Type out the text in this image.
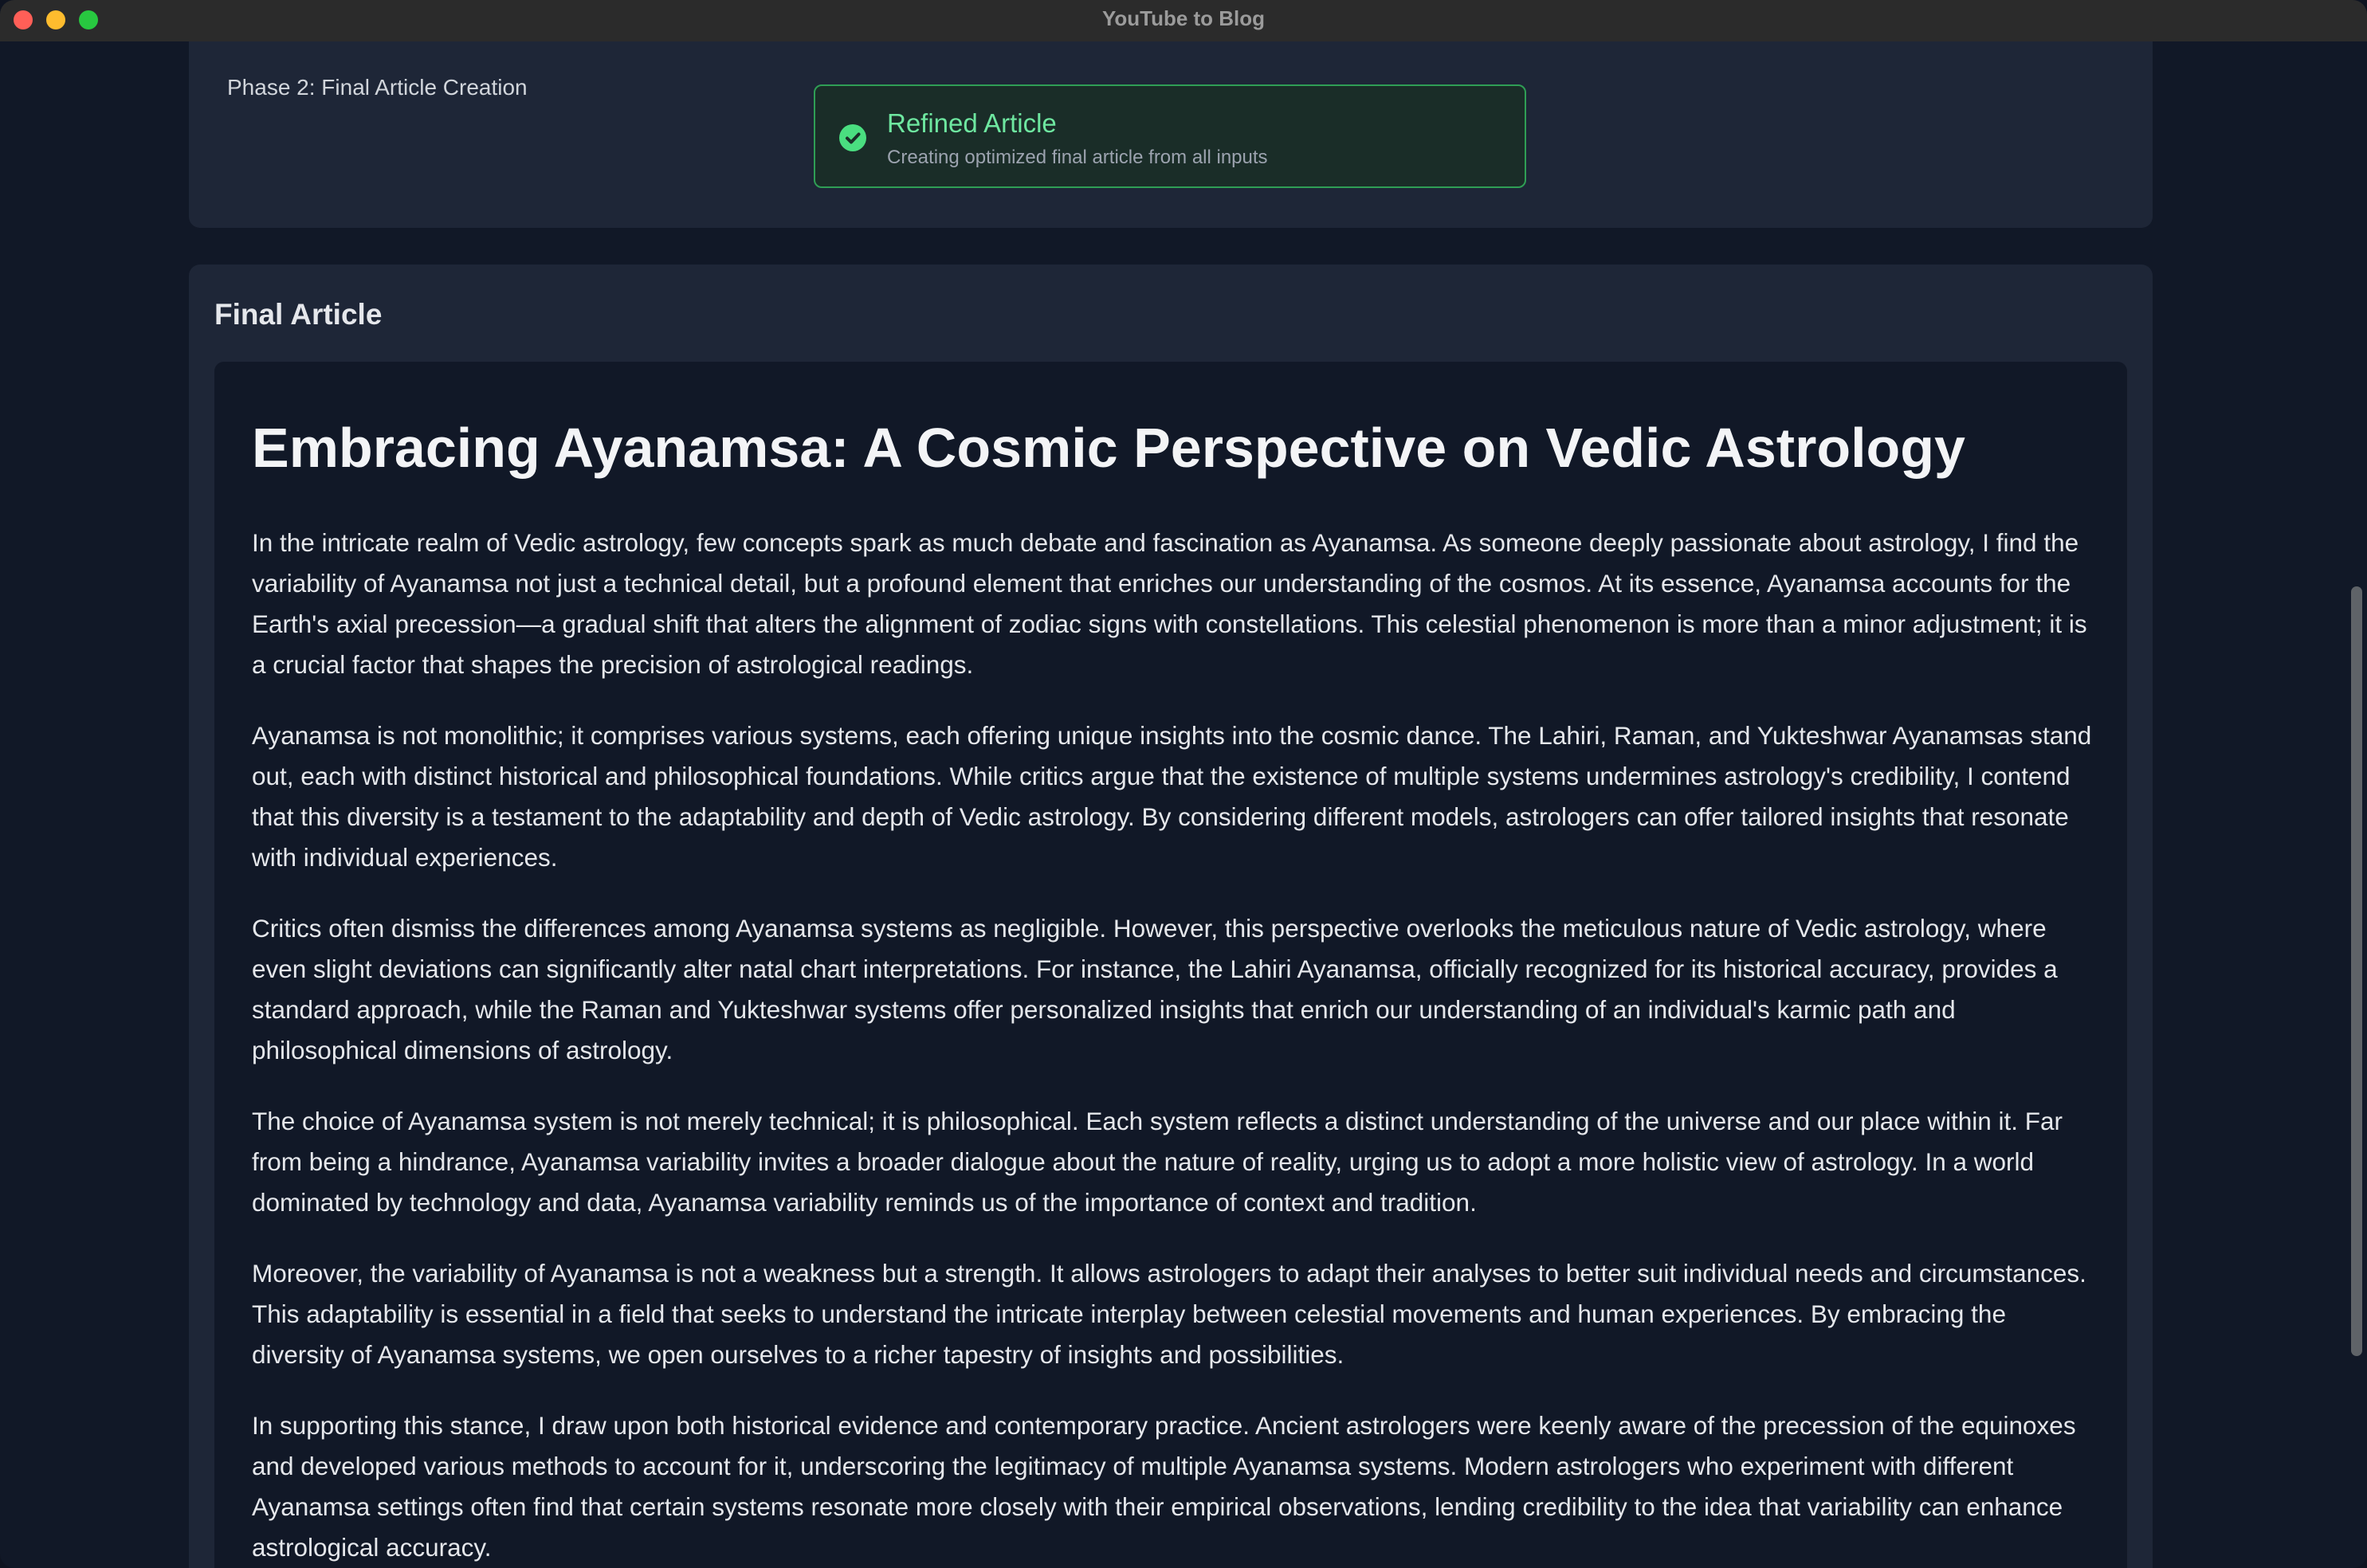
YouTube to Blog
Phase 2: Final Article Creation
Refined Article
Creating optimized final article from all inputs
Final Article
Embracing Ayanamsa: A Cosmic Perspective on Vedic Astrology

In the intricate realm of Vedic astrology, few concepts spark as much debate and fascination as Ayanamsa. As someone deeply passionate about astrology, I find the variability of Ayanamsa not just a technical detail, but a profound element that enriches our understanding of the cosmos. At its essence, Ayanamsa accounts for the Earth's axial precession—a gradual shift that alters the alignment of zodiac signs with constellations. This celestial phenomenon is more than a minor adjustment; it is a crucial factor that shapes the precision of astrological readings.

Ayanamsa is not monolithic; it comprises various systems, each offering unique insights into the cosmic dance. The Lahiri, Raman, and Yukteshwar Ayanamsas stand out, each with distinct historical and philosophical foundations. While critics argue that the existence of multiple systems undermines astrology's credibility, I contend that this diversity is a testament to the adaptability and depth of Vedic astrology. By considering different models, astrologers can offer tailored insights that resonate with individual experiences.

Critics often dismiss the differences among Ayanamsa systems as negligible. However, this perspective overlooks the meticulous nature of Vedic astrology, where even slight deviations can significantly alter natal chart interpretations. For instance, the Lahiri Ayanamsa, officially recognized for its historical accuracy, provides a standard approach, while the Raman and Yukteshwar systems offer personalized insights that enrich our understanding of an individual's karmic path and philosophical dimensions of astrology.

The choice of Ayanamsa system is not merely technical; it is philosophical. Each system reflects a distinct understanding of the universe and our place within it. Far from being a hindrance, Ayanamsa variability invites a broader dialogue about the nature of reality, urging us to adopt a more holistic view of astrology. In a world dominated by technology and data, Ayanamsa variability reminds us of the importance of context and tradition.

Moreover, the variability of Ayanamsa is not a weakness but a strength. It allows astrologers to adapt their analyses to better suit individual needs and circumstances. This adaptability is essential in a field that seeks to understand the intricate interplay between celestial movements and human experiences. By embracing the diversity of Ayanamsa systems, we open ourselves to a richer tapestry of insights and possibilities.

In supporting this stance, I draw upon both historical evidence and contemporary practice. Ancient astrologers were keenly aware of the precession of the equinoxes and developed various methods to account for it, underscoring the legitimacy of multiple Ayanamsa systems. Modern astrologers who experiment with different Ayanamsa settings often find that certain systems resonate more closely with their empirical observations, lending credibility to the idea that variability can enhance astrological accuracy.
